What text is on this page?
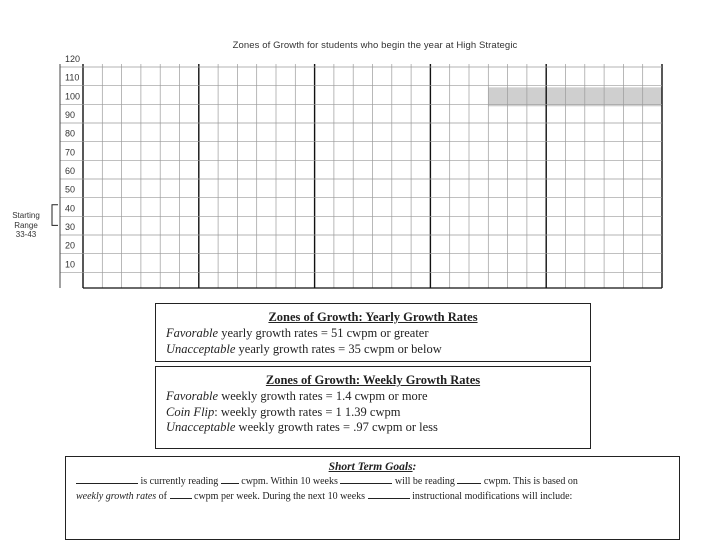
Zones of Growth for students who begin the year at High Strategic
120
110
100
90
80
70
60
50
40
30
20
10
Starting
Range
33-43
Zones of Growth: Yearly Growth Rates
Favorable yearly growth rates = 51 cwpm or greater
Unacceptable yearly growth rates = 35 cwpm or below
Zones of Growth: Weekly Growth Rates
Favorable weekly growth rates = 1.4 cwpm or more
Coin Flip: weekly growth rates = 1 1.39 cwpm
Unacceptable weekly growth rates = .97 cwpm or less
Short Term Goals:
is currently reading  cwpm. Within 10 weeks	will be reading  cwpm. This is based on
weekly growth rates of  cwpm per week. During the next 10 weeks	instructional modifications will include:
